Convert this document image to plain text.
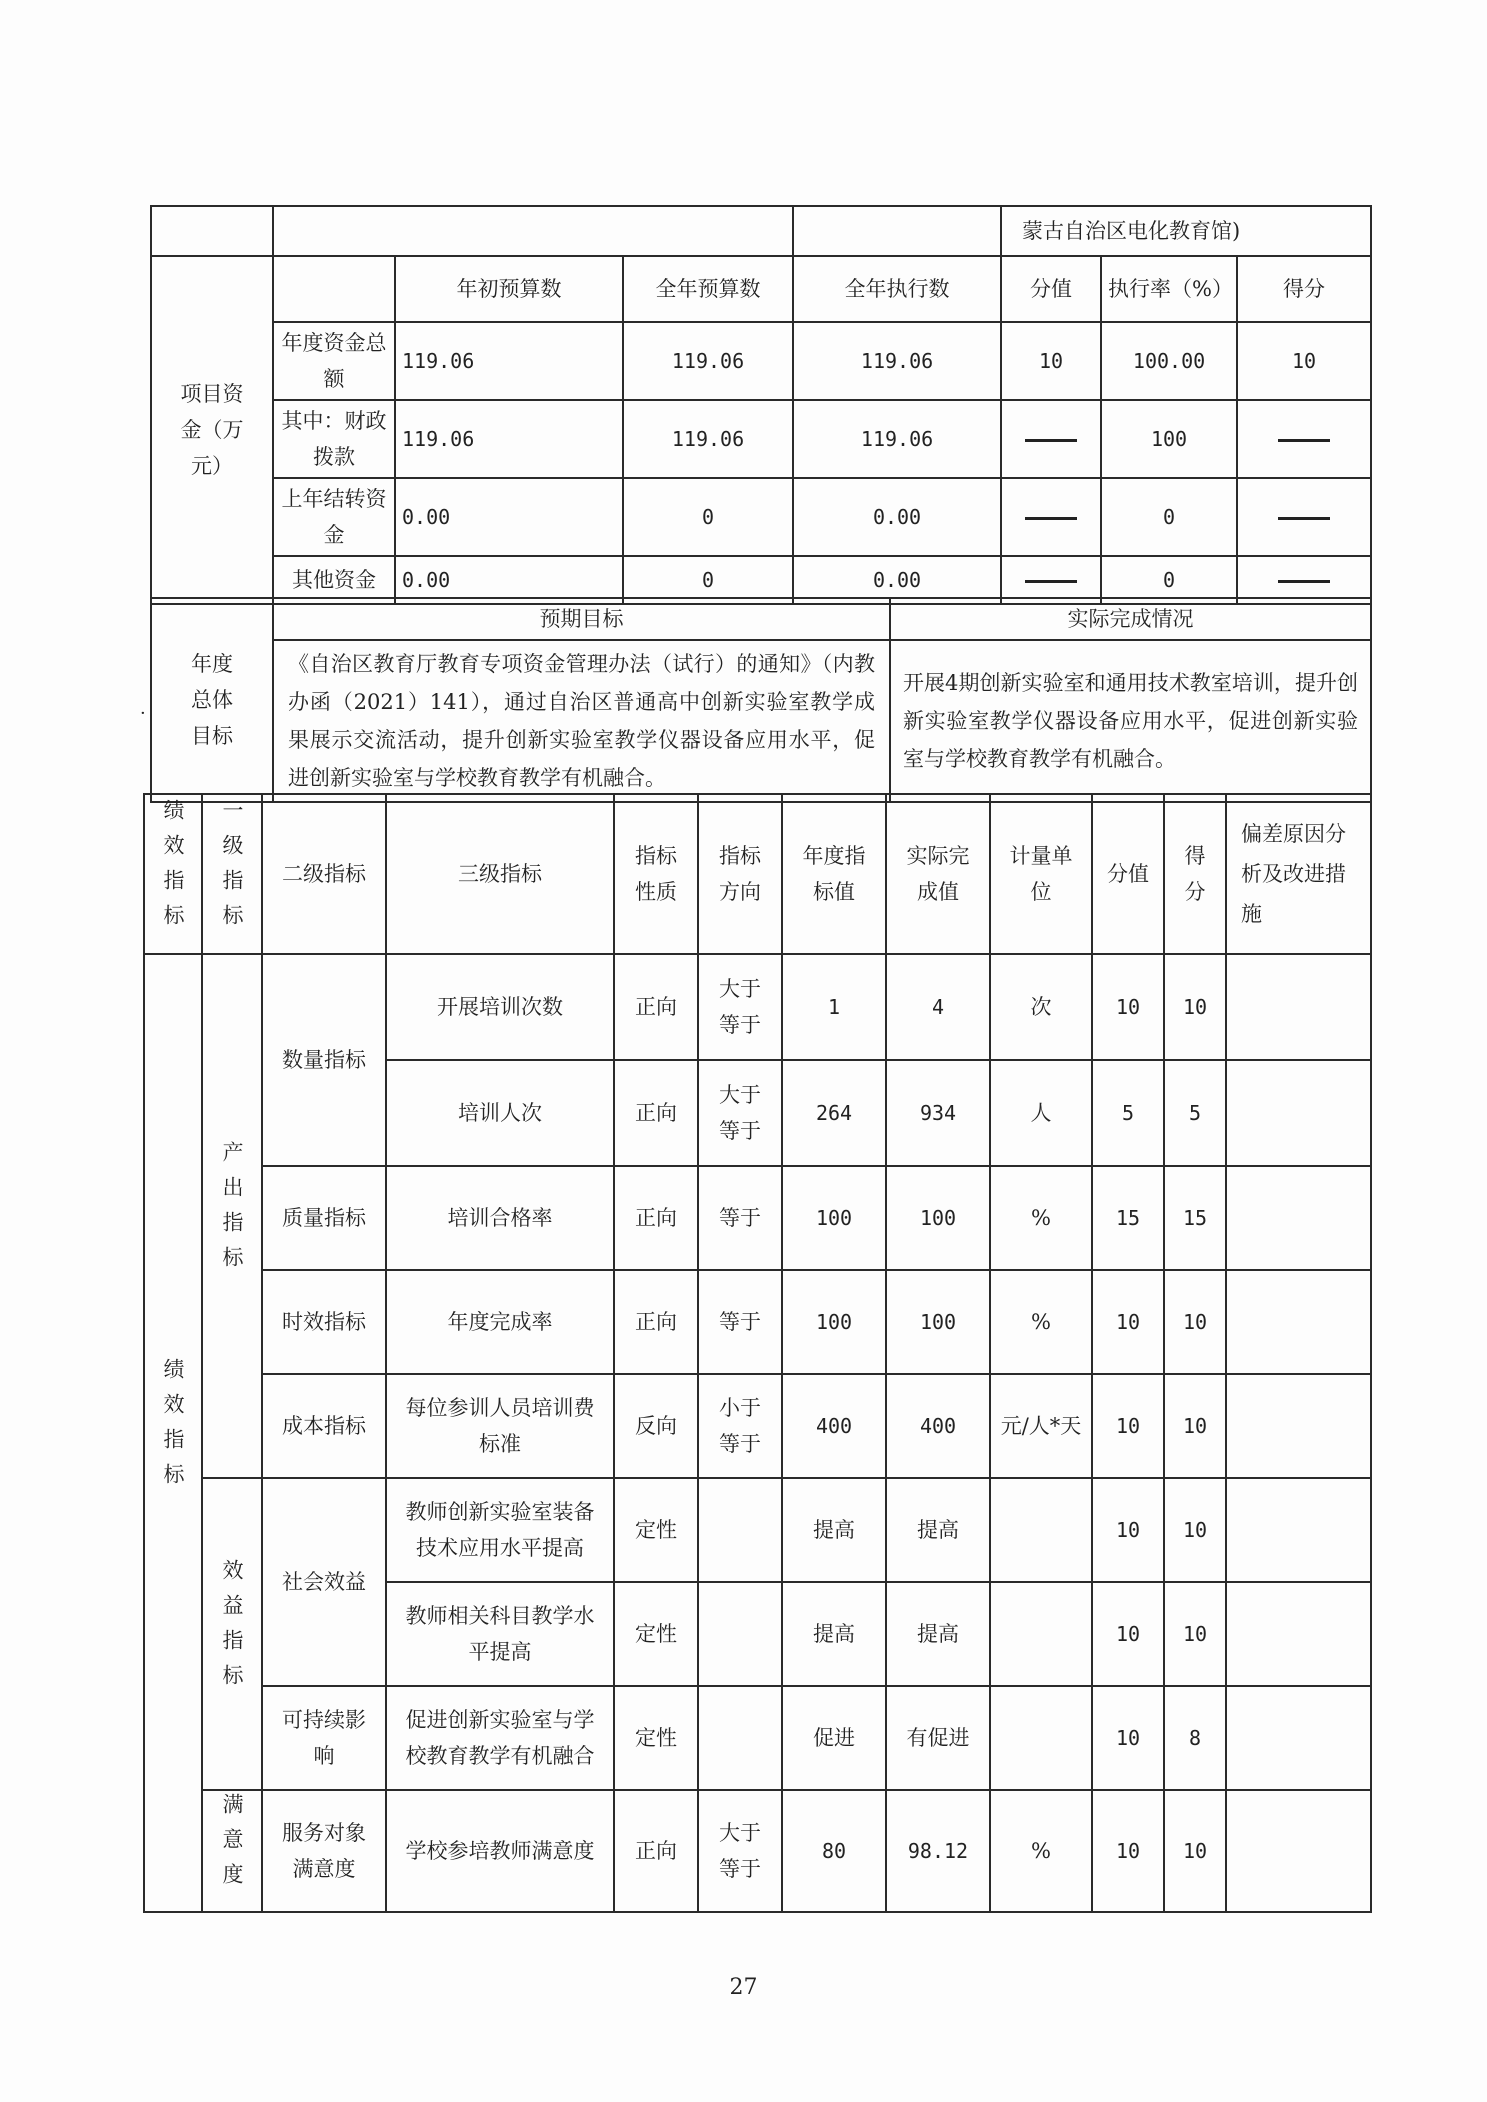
					蒙古自治区电化教育馆)		
项目资金（万元）		年初预算数	全年预算数	全年执行数	分值	执行率（%）	得分
	年度资金总额	119.06	119.06	119.06	10	100.00	10
	其中：财政拨款	119.06	119.06	119.06		100	
	上年结转资金	0.00	0	0.00		0	
	其他资金	0.00	0	0.00		0	
年度总体目标	预期目标	实际完成情况
	《自治区教育厅教育专项资金管理办法（试行）的通知》（内教办函（2021）141），通过自治区普通高中创新实验室教学成果展示交流活动，提升创新实验室教学仪器设备应用水平，促进创新实验室与学校教育教学有机融合。	开展4期创新实验室和通用技术教室培训，提升创新实验室教学仪器设备应用水平，促进创新实验室与学校教育教学有机融合。
·
绩效指标	一级指标	二级指标	三级指标	指标性质	指标方向	年度指标值	实际完成值	计量单位	分值	得分	偏差原因分析及改进措施
绩效指标	产出指标	数量指标	开展培训次数	正向	大于等于	1	4	次	10	10	
			培训人次	正向	大于等于	264	934	人	5	5	
		质量指标	培训合格率	正向	等于	100	100	%	15	15	
		时效指标	年度完成率	正向	等于	100	100	%	10	10	
		成本指标	每位参训人员培训费标准	反向	小于等于	400	400	元/人*天	10	10	
	效益指标	社会效益	教师创新实验室装备技术应用水平提高	定性		提高	提高		10	10	
			教师相关科目教学水平提高	定性		提高	提高		10	10	
		可持续影响	促进创新实验室与学校教育教学有机融合	定性		促进	有促进		10	8	
	满意度	服务对象满意度	学校参培教师满意度	正向	大于等于	80	98.12	%	10	10	
27
